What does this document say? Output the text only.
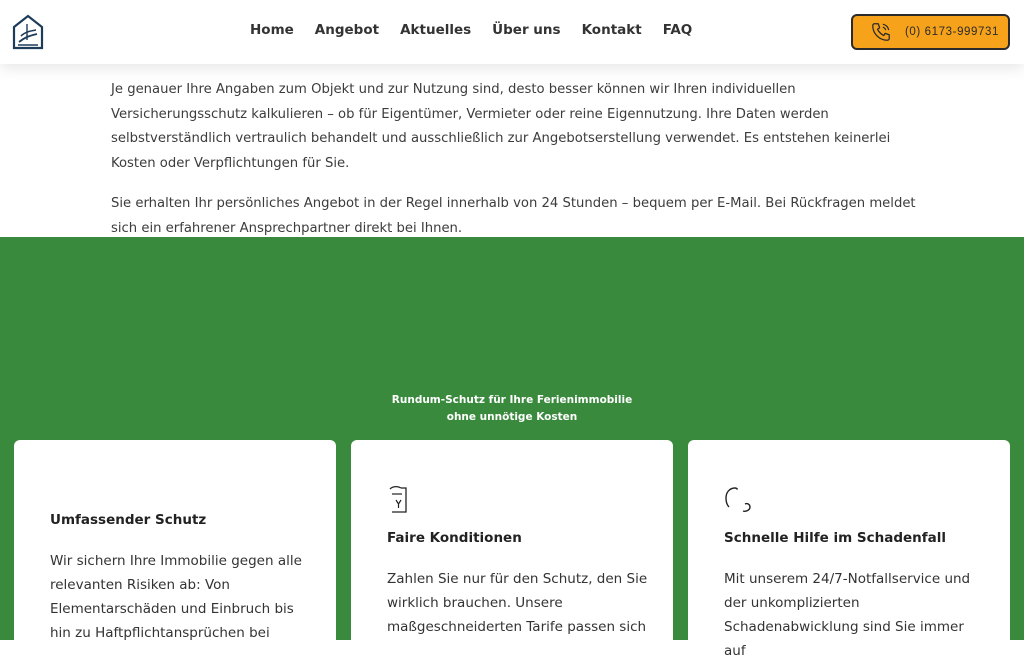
Home Angebot Aktuelles Über uns Kontakt FAQ	(0) 6173-999731

Je genauer Ihre Angaben zum Objekt und zur Nutzung sind, desto besser können wir Ihren individuellen Versicherungsschutz kalkulieren – ob für Eigentümer, Vermieter oder reine Eigennutzung. Ihre Daten werden selbstverständlich vertraulich behandelt und ausschließlich zur Angebotserstellung verwendet. Es entstehen keinerlei Kosten oder Verpflichtungen für Sie.

Sie erhalten Ihr persönliches Angebot in der Regel innerhalb von 24 Stunden – bequem per E-Mail. Bei Rückfragen meldet sich ein erfahrener Ansprechpartner direkt bei Ihnen.

Rundum-Schutz für Ihre Ferienimmobilie
ohne unnötige Kosten
Umfassender Schutz

Wir sichern Ihre Immobilie gegen alle relevanten Risiken ab: Von Elementarschäden und Einbruch bis hin zu Haftpflichtansprüchen bei

Faire Konditionen

Zahlen Sie nur für den Schutz, den Sie wirklich brauchen. Unsere maßgeschneiderten Tarife passen sich

Schnelle Hilfe im Schadenfall

Mit unserem 24/7-Notfallservice und der unkomplizierten Schadenabwicklung sind Sie immer auf
